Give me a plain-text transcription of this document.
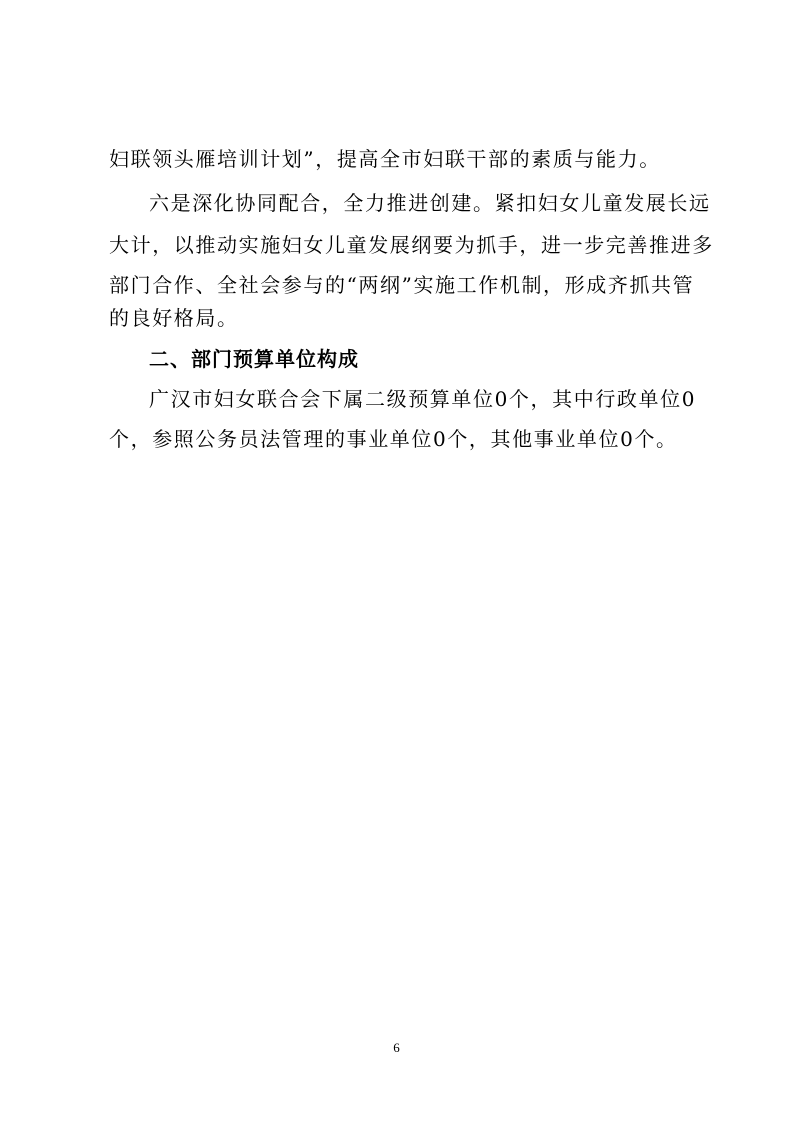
妇联领头雁培训计划”，提高全市妇联干部的素质与能力。
六是深化协同配合，全力推进创建。紧扣妇女儿童发展长远
大计，以推动实施妇女儿童发展纲要为抓手，进一步完善推进多
部门合作、全社会参与的“两纲”实施工作机制，形成齐抓共管
的良好格局。
二、部门预算单位构成
广汉市妇女联合会下属二级预算单位0个，其中行政单位0
个，参照公务员法管理的事业单位0个，其他事业单位0个。
6
